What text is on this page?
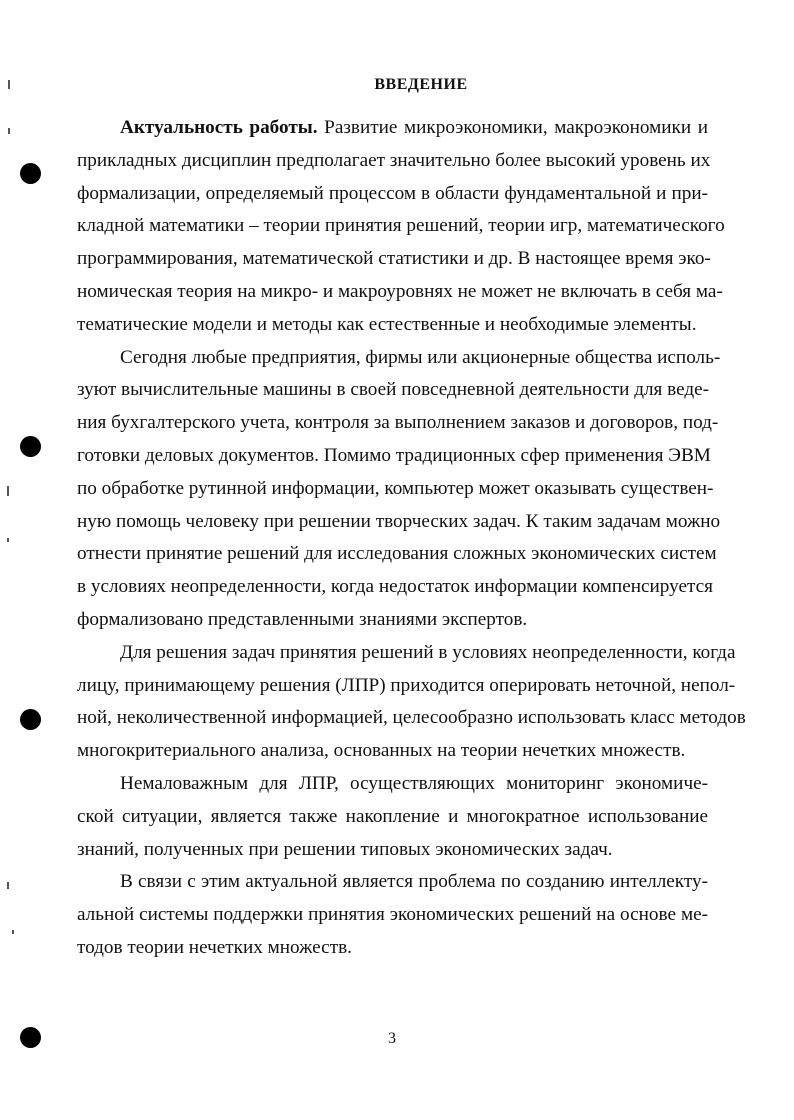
ВВЕДЕНИЕ
Актуальность работы. Развитие микроэкономики, макроэкономики и
прикладных дисциплин предполагает значительно более высокий уровень их
формализации, определяемый процессом в области фундаментальной и при-
кладной математики – теории принятия решений, теории игр, математического
программирования, математической статистики и др. В настоящее время эко-
номическая теория на микро- и макроуровнях не может не включать в себя ма-
тематические модели и методы как естественные и необходимые элементы.
Сегодня любые предприятия, фирмы или акционерные общества исполь-
зуют вычислительные машины в своей повседневной деятельности для веде-
ния бухгалтерского учета, контроля за выполнением заказов и договоров, под-
готовки деловых документов. Помимо традиционных сфер применения ЭВМ
по обработке рутинной информации, компьютер может оказывать существен-
ную помощь человеку при решении творческих задач. К таким задачам можно
отнести принятие решений для исследования сложных экономических систем
в условиях неопределенности, когда недостаток информации компенсируется
формализовано представленными знаниями экспертов.
Для решения задач принятия решений в условиях неопределенности, когда
лицу, принимающему решения (ЛПР) приходится оперировать неточной, непол-
ной, неколичественной информацией, целесообразно использовать класс методов
многокритериального анализа, основанных на теории нечетких множеств.
Немаловажным для ЛПР, осуществляющих мониторинг экономиче-
ской ситуации, является также накопление и многократное использование
знаний, полученных при решении типовых экономических задач.
В связи с этим актуальной является проблема по созданию интеллекту-
альной системы поддержки принятия экономических решений на основе ме-
тодов теории нечетких множеств.
3
